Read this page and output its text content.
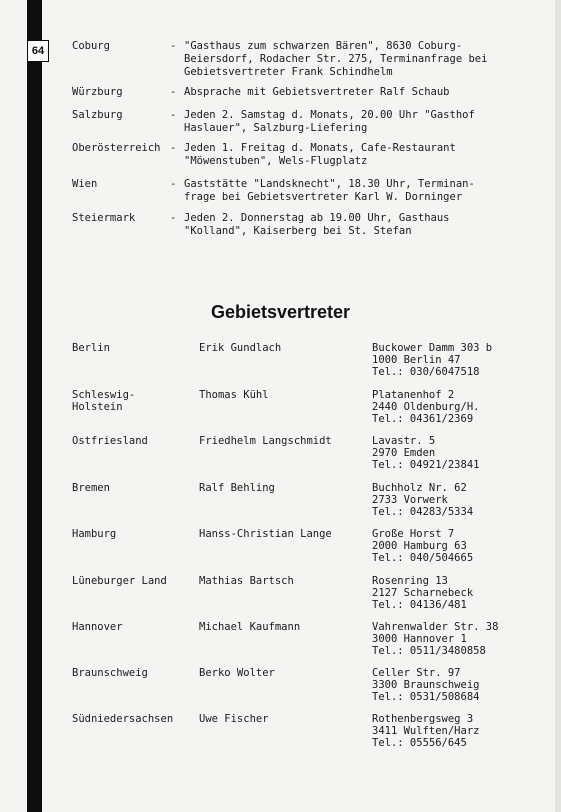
64	Coburg	- "Gasthaus zum schwarzen Bären", 8630 Coburg-
Beiersdorf, Rodacher Str. 275, Terminanfrage bei
Gebietsvertreter Frank Schindhelm
Würzburg	- Absprache mit Gebietsvertreter Ralf Schaub
Salzburg	- Jeden 2. Samstag d. Monats, 20.00 Uhr "Gasthof
Haslauer", Salzburg-Liefering
Oberösterreich - Jeden 1. Freitag d. Monats, Cafe-Restaurant
"Möwenstuben", Wels-Flugplatz
Wien	- Gaststätte "Landsknecht", 18.30 Uhr, Terminan-
frage bei Gebietsvertreter Karl W. Dorninger
Steiermark	- Jeden 2. Donnerstag ab 19.00 Uhr, Gasthaus
"Kolland", Kaiserberg bei St. Stefan
Gebietsvertreter
Berlin	Erik Gundlach	Buckower Damm 303 b
1000 Berlin 47
Tel.: 030/6047518
Schleswig-
Holstein
Thomas Kühl	Platanenhof 2
2440 Oldenburg/H.
Tel.: 04361/2369
Ostfriesland	Friedhelm Langschmidt	Lavastr. 5
2970 Emden
Tel.: 04921/23841
Bremen	Ralf Behling	Buchholz Nr. 62
2733 Vorwerk
Tel.: 04283/5334
Hamburg	Hanss-Christian Lange	Große Horst 7
2000 Hamburg 63
Tel.: 040/504665
Lüneburger Land	Mathias Bartsch	Rosenring 13
2127 Scharnebeck
Tel.: 04136/481
Hannover	Michael Kaufmann	Vahrenwalder Str. 38
3000 Hannover 1
Tel.: 0511/3480858
Braunschweig	Berko Wolter	Celler Str. 97
3300 Braunschweig
Tel.: 0531/508684
Südniedersachsen Uwe Fischer	Rothenbergsweg 3
3411 Wulften/Harz
Tel.: 05556/645
